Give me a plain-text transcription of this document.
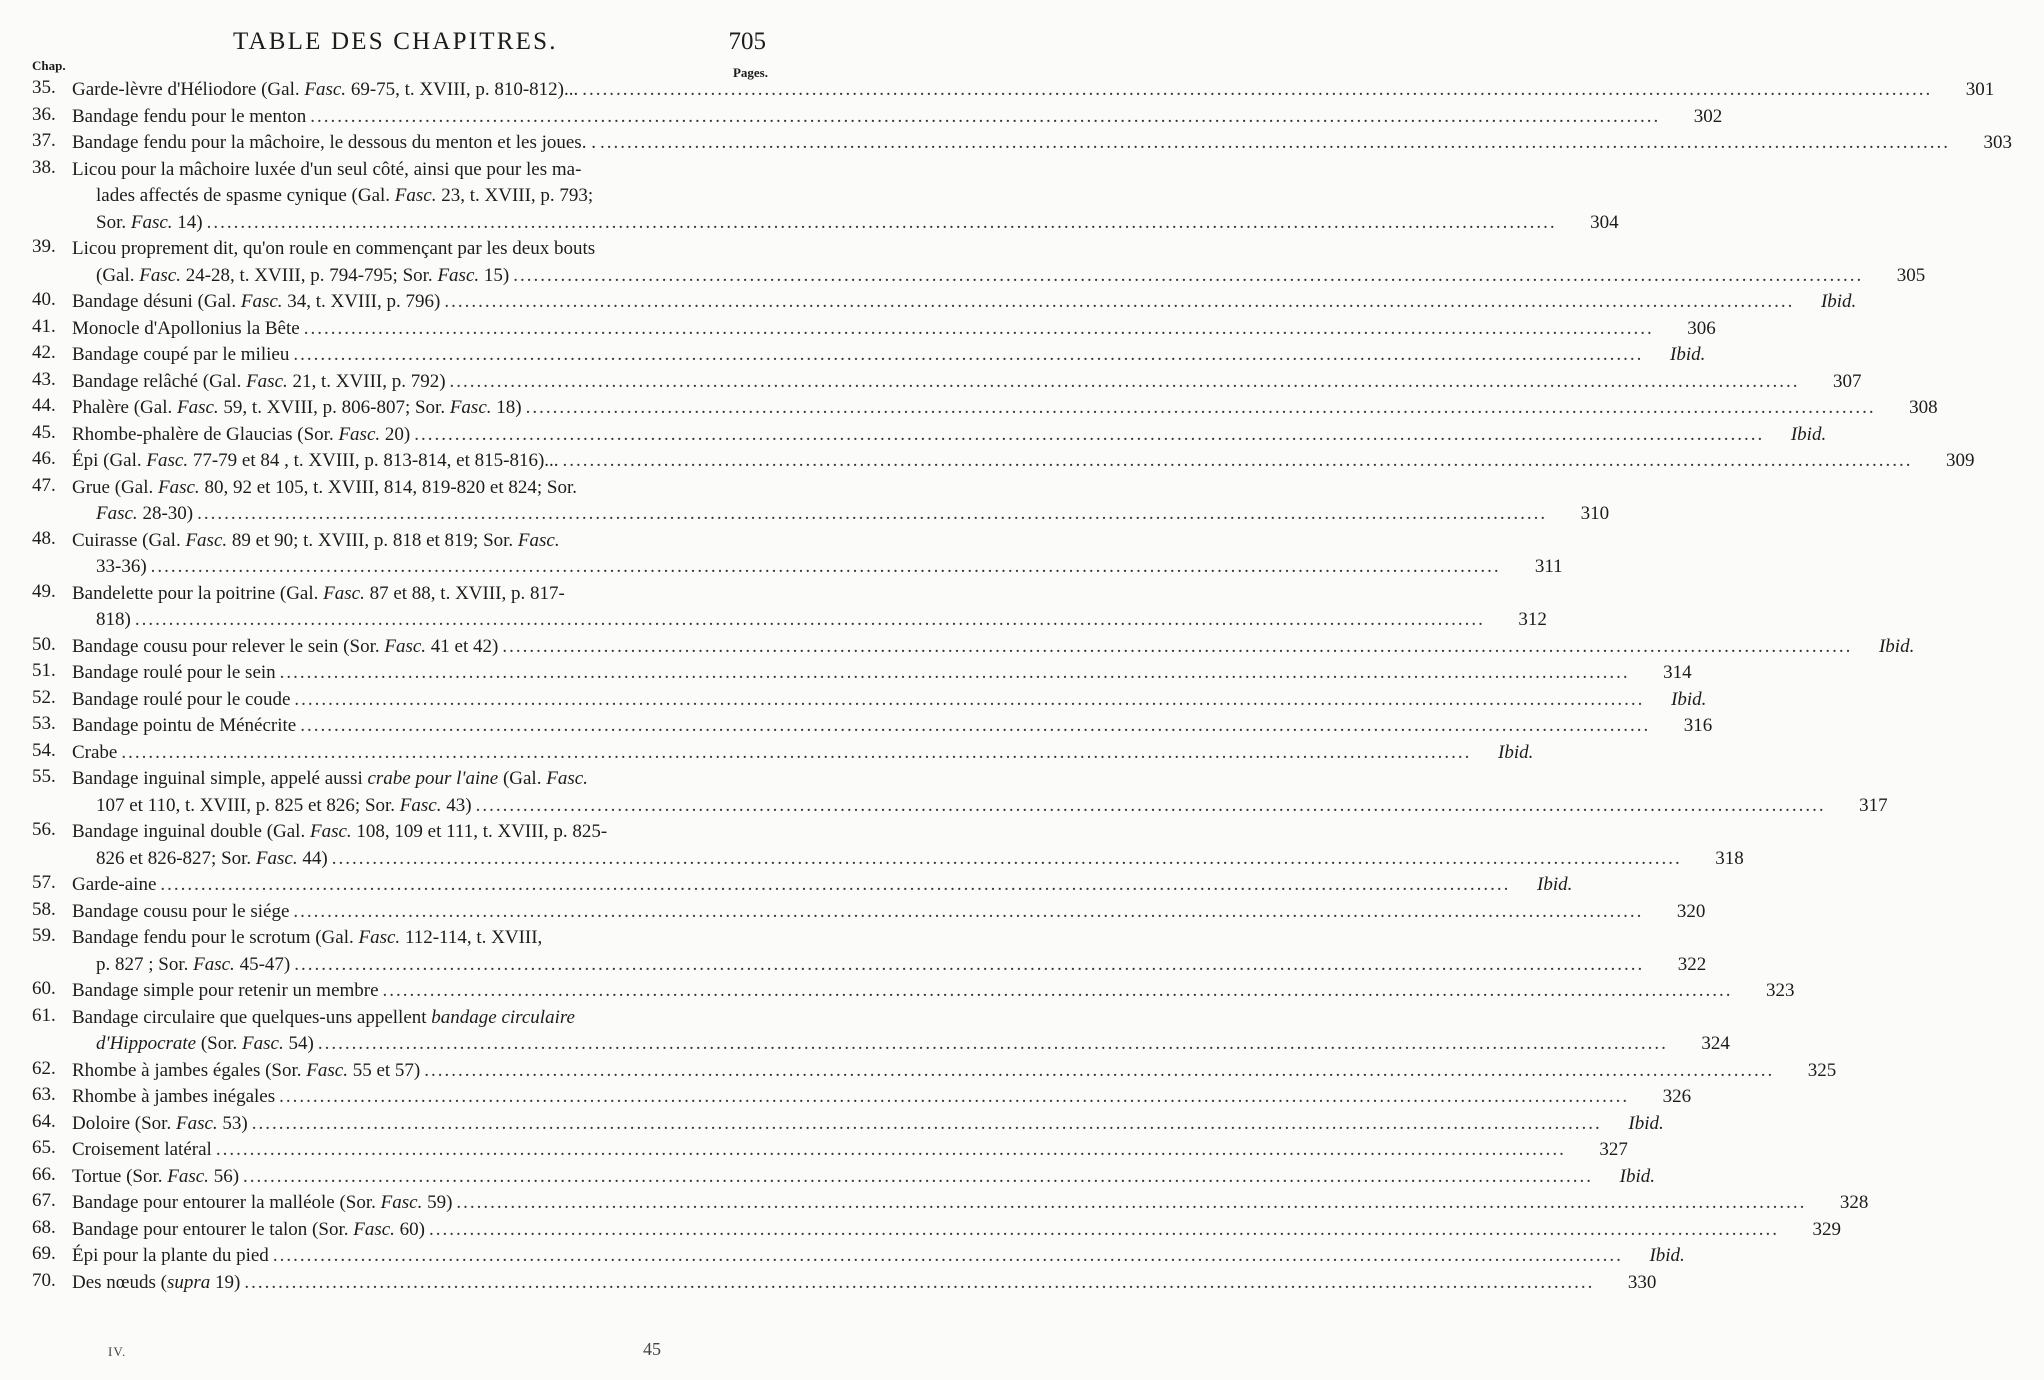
TABLE DES CHAPITRES.	705
Chap.	Pages.
35. Garde-lèvre d'Héliodore (Gal. Fasc. 69-75, t. XVIII, p. 810-812)... ........................................................................................................................................................................................................	301
36. Bandage fendu pour le menton ........................................................................................................................................................................................................	302
37. Bandage fendu pour la mâchoire, le dessous du menton et les joues. . ........................................................................................................................................................................................................	303
38. Licou pour la mâchoire luxée d'un seul côté, ainsi que pour les ma-
lades affectés de spasme cynique (Gal. Fasc. 23, t. XVIII, p. 793;
Sor. Fasc. 14) ........................................................................................................................................................................................................	304
39. Licou proprement dit, qu'on roule en commençant par les deux bouts
(Gal. Fasc. 24-28, t. XVIII, p. 794-795; Sor. Fasc. 15) ........................................................................................................................................................................................................	305
40. Bandage désuni (Gal. Fasc. 34, t. XVIII, p. 796) ........................................................................................................................................................................................................	Ibid.
41. Monocle d'Apollonius la Bête ........................................................................................................................................................................................................	306
42. Bandage coupé par le milieu ........................................................................................................................................................................................................	Ibid.
43. Bandage relâché (Gal. Fasc. 21, t. XVIII, p. 792) ........................................................................................................................................................................................................	307
44. Phalère (Gal. Fasc. 59, t. XVIII, p. 806-807; Sor. Fasc. 18) ........................................................................................................................................................................................................	308
45. Rhombe-phalère de Glaucias (Sor. Fasc. 20) ........................................................................................................................................................................................................	Ibid.
46. Épi (Gal. Fasc. 77-79 et 84 , t. XVIII, p. 813-814, et 815-816)... ........................................................................................................................................................................................................	309
47. Grue (Gal. Fasc. 80, 92 et 105, t. XVIII, 814, 819-820 et 824; Sor.
Fasc. 28-30) ........................................................................................................................................................................................................	310
48. Cuirasse (Gal. Fasc. 89 et 90; t. XVIII, p. 818 et 819; Sor. Fasc.
33-36) ........................................................................................................................................................................................................	311
49. Bandelette pour la poitrine (Gal. Fasc. 87 et 88, t. XVIII, p. 817-
818) ........................................................................................................................................................................................................	312
50. Bandage cousu pour relever le sein (Sor. Fasc. 41 et 42) ........................................................................................................................................................................................................	Ibid.
51. Bandage roulé pour le sein ........................................................................................................................................................................................................	314
52. Bandage roulé pour le coude ........................................................................................................................................................................................................	Ibid.
53. Bandage pointu de Ménécrite ........................................................................................................................................................................................................	316
54. Crabe ........................................................................................................................................................................................................	Ibid.
55. Bandage inguinal simple, appelé aussi crabe pour l'aine (Gal. Fasc.
107 et 110, t. XVIII, p. 825 et 826; Sor. Fasc. 43) ........................................................................................................................................................................................................	317
56. Bandage inguinal double (Gal. Fasc. 108, 109 et 111, t. XVIII, p. 825-
826 et 826-827; Sor. Fasc. 44) ........................................................................................................................................................................................................	318
57. Garde-aine ........................................................................................................................................................................................................	Ibid.
58. Bandage cousu pour le siége ........................................................................................................................................................................................................	320
59. Bandage fendu pour le scrotum (Gal. Fasc. 112-114, t. XVIII,
p. 827 ; Sor. Fasc. 45-47) ........................................................................................................................................................................................................	322
60. Bandage simple pour retenir un membre ........................................................................................................................................................................................................	323
61. Bandage circulaire que quelques-uns appellent bandage circulaire
d'Hippocrate (Sor. Fasc. 54) ........................................................................................................................................................................................................	324
62. Rhombe à jambes égales (Sor. Fasc. 55 et 57) ........................................................................................................................................................................................................	325
63. Rhombe à jambes inégales ........................................................................................................................................................................................................	326
64. Doloire (Sor. Fasc. 53) ........................................................................................................................................................................................................	Ibid.
65. Croisement latéral ........................................................................................................................................................................................................	327
66. Tortue (Sor. Fasc. 56) ........................................................................................................................................................................................................	Ibid.
67. Bandage pour entourer la malléole (Sor. Fasc. 59) ........................................................................................................................................................................................................	328
68. Bandage pour entourer le talon (Sor. Fasc. 60) ........................................................................................................................................................................................................	329
69. Épi pour la plante du pied ........................................................................................................................................................................................................	Ibid.
70. Des nœuds (supra 19) ........................................................................................................................................................................................................	330
IV.	45
